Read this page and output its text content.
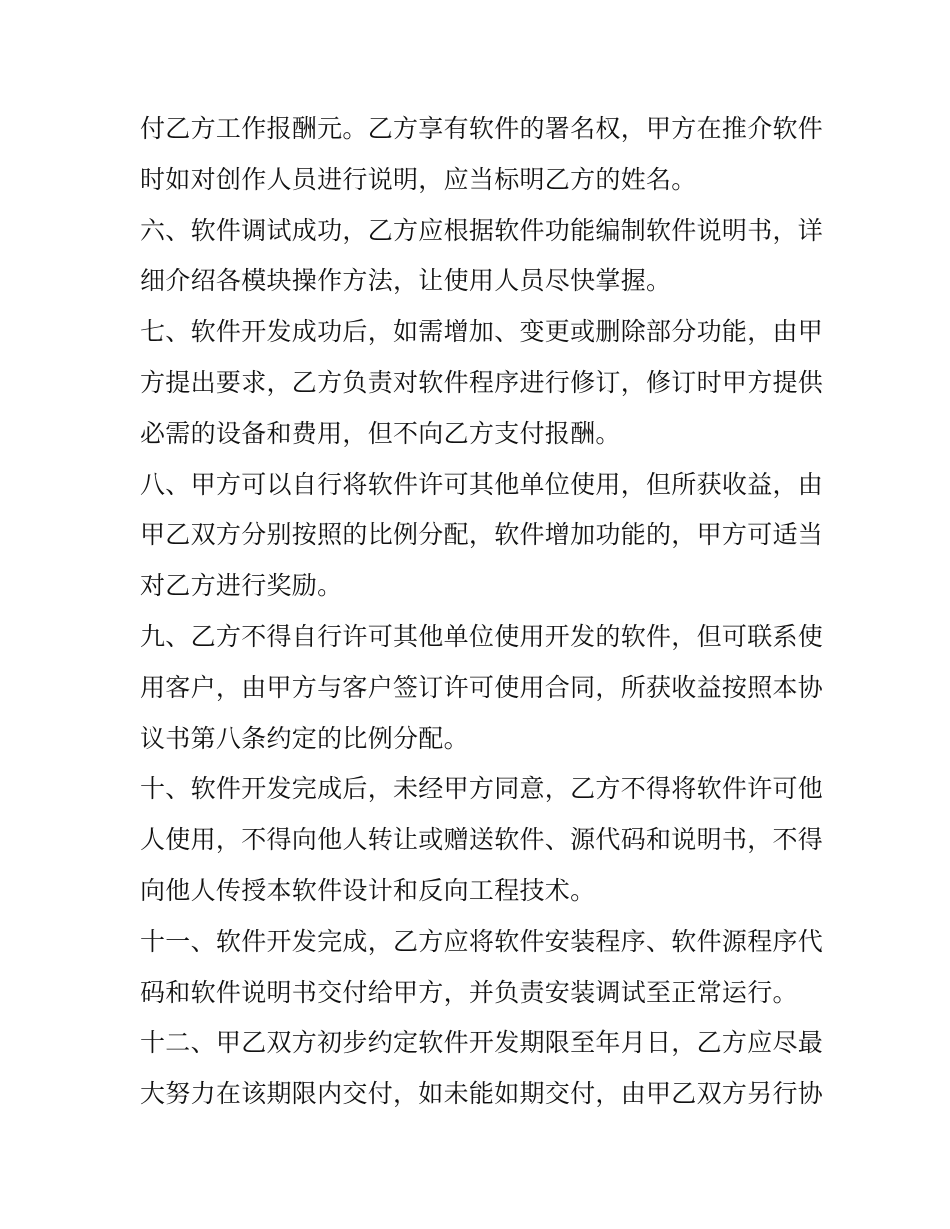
付乙方工作报酬元。乙方享有软件的署名权，甲方在推介软件
时如对创作人员进行说明，应当标明乙方的姓名。
六、软件调试成功，乙方应根据软件功能编制软件说明书，详
细介绍各模块操作方法，让使用人员尽快掌握。
七、软件开发成功后，如需增加、变更或删除部分功能，由甲
方提出要求，乙方负责对软件程序进行修订，修订时甲方提供
必需的设备和费用，但不向乙方支付报酬。
八、甲方可以自行将软件许可其他单位使用，但所获收益，由
甲乙双方分别按照的比例分配，软件增加功能的，甲方可适当
对乙方进行奖励。
九、乙方不得自行许可其他单位使用开发的软件，但可联系使
用客户，由甲方与客户签订许可使用合同，所获收益按照本协
议书第八条约定的比例分配。
十、软件开发完成后，未经甲方同意，乙方不得将软件许可他
人使用，不得向他人转让或赠送软件、源代码和说明书，不得
向他人传授本软件设计和反向工程技术。
十一、软件开发完成，乙方应将软件安装程序、软件源程序代
码和软件说明书交付给甲方，并负责安装调试至正常运行。
十二、甲乙双方初步约定软件开发期限至年月日，乙方应尽最
大努力在该期限内交付，如未能如期交付，由甲乙双方另行协
